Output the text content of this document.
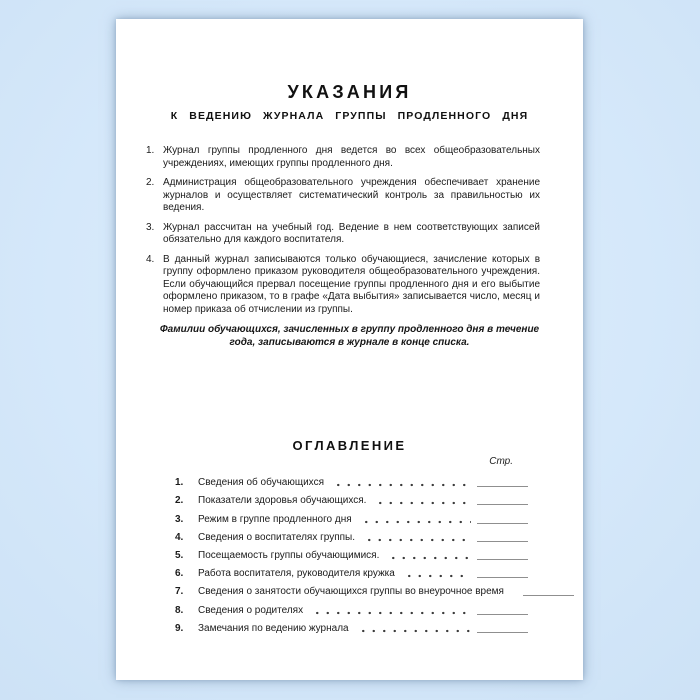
УКАЗАНИЯ
К ВЕДЕНИЮ ЖУРНАЛА ГРУППЫ ПРОДЛЕННОГО ДНЯ
1. Журнал группы продленного дня ведется во всех общеобразовательных учреждениях, имеющих группы продленного дня.
2. Администрация общеобразовательного учреждения обеспечивает хранение журналов и осуществляет систематический контроль за правильностью их ведения.
3. Журнал рассчитан на учебный год. Ведение в нем соответствующих записей обязательно для каждого воспитателя.
4. В данный журнал записываются только обучающиеся, зачисление которых в группу оформлено приказом руководителя общеобразовательного учреждения. Если обучающийся прервал посещение группы продленного дня и его выбытие оформлено приказом, то в графе «Дата выбытия» записывается число, месяц и номер приказа об отчислении из группы.
Фамилии обучающихся, зачисленных в группу продленного дня в течение года, записываются в журнале в конце списка.
ОГЛАВЛЕНИЕ
Стр.
1.	Сведения об обучающихся
2.	Показатели здоровья обучающихся.
3.	Режим в группе продленного дня
4.	Сведения о воспитателях группы.
5.	Посещаемость группы обучающимися.
6.	Работа воспитателя, руководителя кружка
7.	Сведения о занятости обучающихся группы во внеурочное время
8.	Сведения о родителях
9.	Замечания по ведению журнала
